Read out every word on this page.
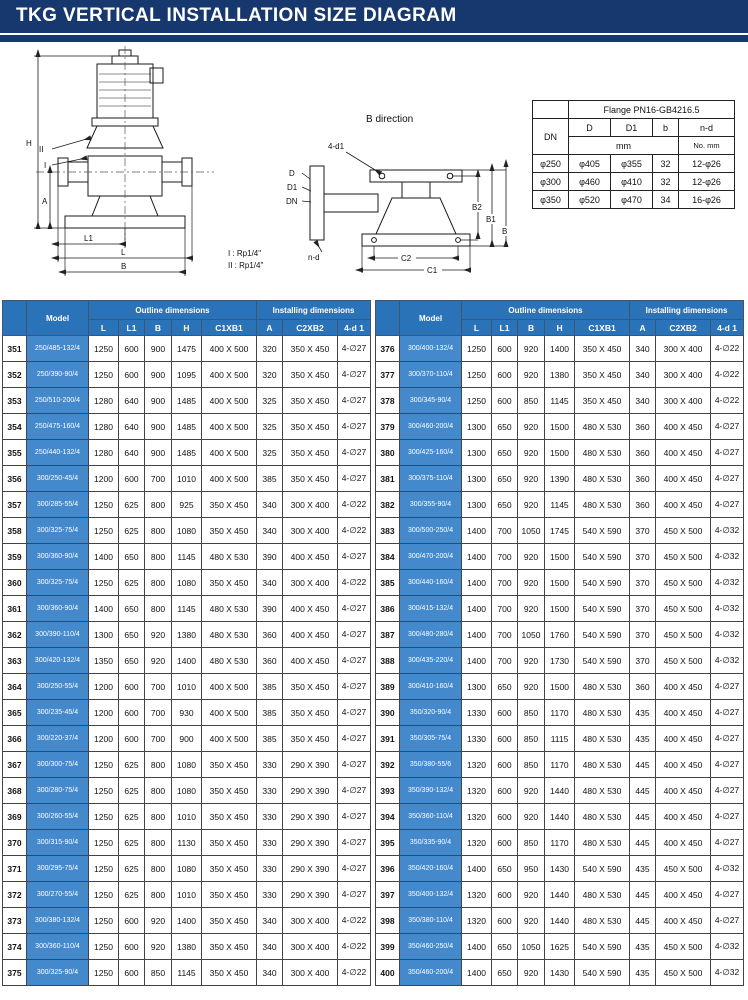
TKG VERTICAL INSTALLATION SIZE DIAGRAM
H
A
L1
L
B
II
I
B direction
4-d1
D
D1
DN
n-d
B2
B1
B
C2
C1
I : Rp1/4"
II : Rp1/4"
	Flange PN16-GB4216.5			
DN	D	D1	b	n-d
	mm			No. mm
φ250	φ405	φ355	32	12-φ26
φ300	φ460	φ410	32	12-φ26
φ350	φ520	φ470	34	16-φ26
	Model	Outline dimensions					Installing dimensions		
		L	L1	B	H	C1XB1	A	C2XB2	4-d 1
351	250/485-132/4	1250	600	900	1475	400 X 500	320	350 X 450	4-∅27
352	250/390-90/4	1250	600	900	1095	400 X 500	320	350 X 450	4-∅27
353	250/510-200/4	1280	640	900	1485	400 X 500	325	350 X 450	4-∅27
354	250/475-160/4	1280	640	900	1485	400 X 500	325	350 X 450	4-∅27
355	250/440-132/4	1280	640	900	1485	400 X 500	325	350 X 450	4-∅27
356	300/250-45/4	1200	600	700	1010	400 X 500	385	350 X 450	4-∅27
357	300/285-55/4	1250	625	800	925	350 X 450	340	300 X 400	4-∅22
358	300/325-75/4	1250	625	800	1080	350 X 450	340	300 X 400	4-∅22
359	300/360-90/4	1400	650	800	1145	480 X 530	390	400 X 450	4-∅27
360	300/325-75/4	1250	625	800	1080	350 X 450	340	300 X 400	4-∅22
361	300/360-90/4	1400	650	800	1145	480 X 530	390	400 X 450	4-∅27
362	300/390-110/4	1300	650	920	1380	480 X 530	360	400 X 450	4-∅27
363	300/420-132/4	1350	650	920	1400	480 X 530	360	400 X 450	4-∅27
364	300/250-55/4	1200	600	700	1010	400 X 500	385	350 X 450	4-∅27
365	300/235-45/4	1200	600	700	930	400 X 500	385	350 X 450	4-∅27
366	300/220-37/4	1200	600	700	900	400 X 500	385	350 X 450	4-∅27
367	300/300-75/4	1250	625	800	1080	350 X 450	330	290 X 390	4-∅27
368	300/280-75/4	1250	625	800	1080	350 X 450	330	290 X 390	4-∅27
369	300/260-55/4	1250	625	800	1010	350 X 450	330	290 X 390	4-∅27
370	300/315-90/4	1250	625	800	1130	350 X 450	330	290 X 390	4-∅27
371	300/295-75/4	1250	625	800	1080	350 X 450	330	290 X 390	4-∅27
372	300/270-55/4	1250	625	800	1010	350 X 450	330	290 X 390	4-∅27
373	300/380-132/4	1250	600	920	1400	350 X 450	340	300 X 400	4-∅22
374	300/360-110/4	1250	600	920	1380	350 X 450	340	300 X 400	4-∅22
375	300/325-90/4	1250	600	850	1145	350 X 450	340	300 X 400	4-∅22
	Model	Outline dimensions					Installing dimensions		
		L	L1	B	H	C1XB1	A	C2XB2	4-d 1
376	300/400-132/4	1250	600	920	1400	350 X 450	340	300 X 400	4-∅22
377	300/370-110/4	1250	600	920	1380	350 X 450	340	300 X 400	4-∅22
378	300/345-90/4	1250	600	850	1145	350 X 450	340	300 X 400	4-∅22
379	300/460-200/4	1300	650	920	1500	480 X 530	360	400 X 450	4-∅27
380	300/425-160/4	1300	650	920	1500	480 X 530	360	400 X 450	4-∅27
381	300/375-110/4	1300	650	920	1390	480 X 530	360	400 X 450	4-∅27
382	300/355-90/4	1300	650	920	1145	480 X 530	360	400 X 450	4-∅27
383	300/500-250/4	1400	700	1050	1745	540 X 590	370	450 X 500	4-∅32
384	300/470-200/4	1400	700	920	1500	540 X 590	370	450 X 500	4-∅32
385	300/440-160/4	1400	700	920	1500	540 X 590	370	450 X 500	4-∅32
386	300/415-132/4	1400	700	920	1500	540 X 590	370	450 X 500	4-∅32
387	300/480-280/4	1400	700	1050	1760	540 X 590	370	450 X 500	4-∅32
388	300/435-220/4	1400	700	920	1730	540 X 590	370	450 X 500	4-∅32
389	300/410-160/4	1300	650	920	1500	480 X 530	360	400 X 450	4-∅27
390	350/320-90/4	1330	600	850	1170	480 X 530	435	400 X 450	4-∅27
391	350/305-75/4	1330	600	850	1115	480 X 530	435	400 X 450	4-∅27
392	350/380-55/6	1320	600	850	1170	480 X 530	445	400 X 450	4-∅27
393	350/390-132/4	1320	600	920	1440	480 X 530	445	400 X 450	4-∅27
394	350/360-110/4	1320	600	920	1440	480 X 530	445	400 X 450	4-∅27
395	350/335-90/4	1320	600	850	1170	480 X 530	445	400 X 450	4-∅27
396	350/420-160/4	1400	650	950	1430	540 X 590	435	450 X 500	4-∅32
397	350/400-132/4	1320	600	920	1440	480 X 530	445	400 X 450	4-∅27
398	350/380-110/4	1320	600	920	1440	480 X 530	445	400 X 450	4-∅27
399	350/460-250/4	1400	650	1050	1625	540 X 590	435	450 X 500	4-∅32
400	350/460-200/4	1400	650	920	1430	540 X 590	435	450 X 500	4-∅32
